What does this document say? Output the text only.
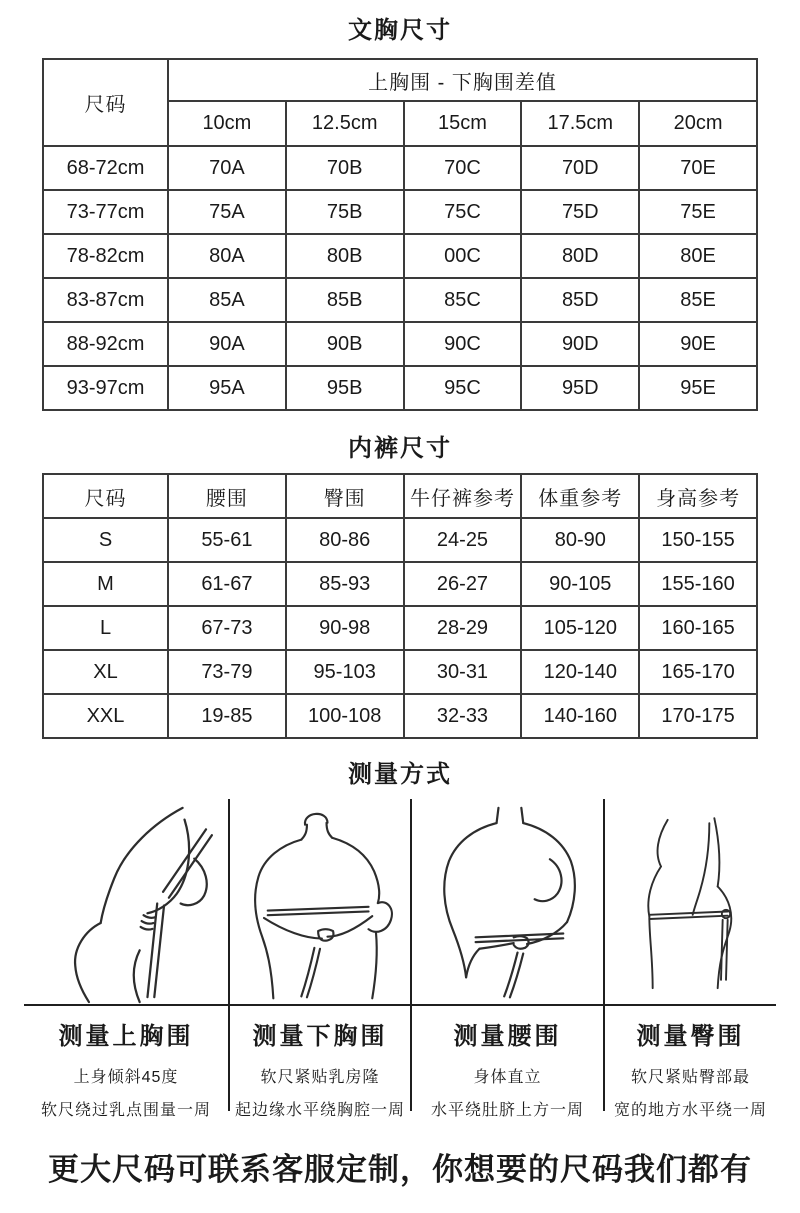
文胸尺寸
尺码	上胸围 - 下胸围差值				
	10cm	12.5cm	15cm	17.5cm	20cm
68-72cm	70A	70B	70C	70D	70E
73-77cm	75A	75B	75C	75D	75E
78-82cm	80A	80B	00C	80D	80E
83-87cm	85A	85B	85C	85D	85E
88-92cm	90A	90B	90C	90D	90E
93-97cm	95A	95B	95C	95D	95E
内裤尺寸
尺码	腰围	臀围	牛仔裤参考	体重参考	身高参考
S	55-61	80-86	24-25	80-90	150-155
M	61-67	85-93	26-27	90-105	155-160
L	67-73	90-98	28-29	105-120	160-165
XL	73-79	95-103	30-31	120-140	165-170
XXL	19-85	100-108	32-33	140-160	170-175
测量方式
测量上胸围
上身倾斜45度
软尺绕过乳点围量一周
测量下胸围
软尺紧贴乳房隆
起边缘水平绕胸腔一周
测量腰围
身体直立
水平绕肚脐上方一周
测量臀围
软尺紧贴臀部最
宽的地方水平绕一周
更大尺码可联系客服定制，你想要的尺码我们都有
